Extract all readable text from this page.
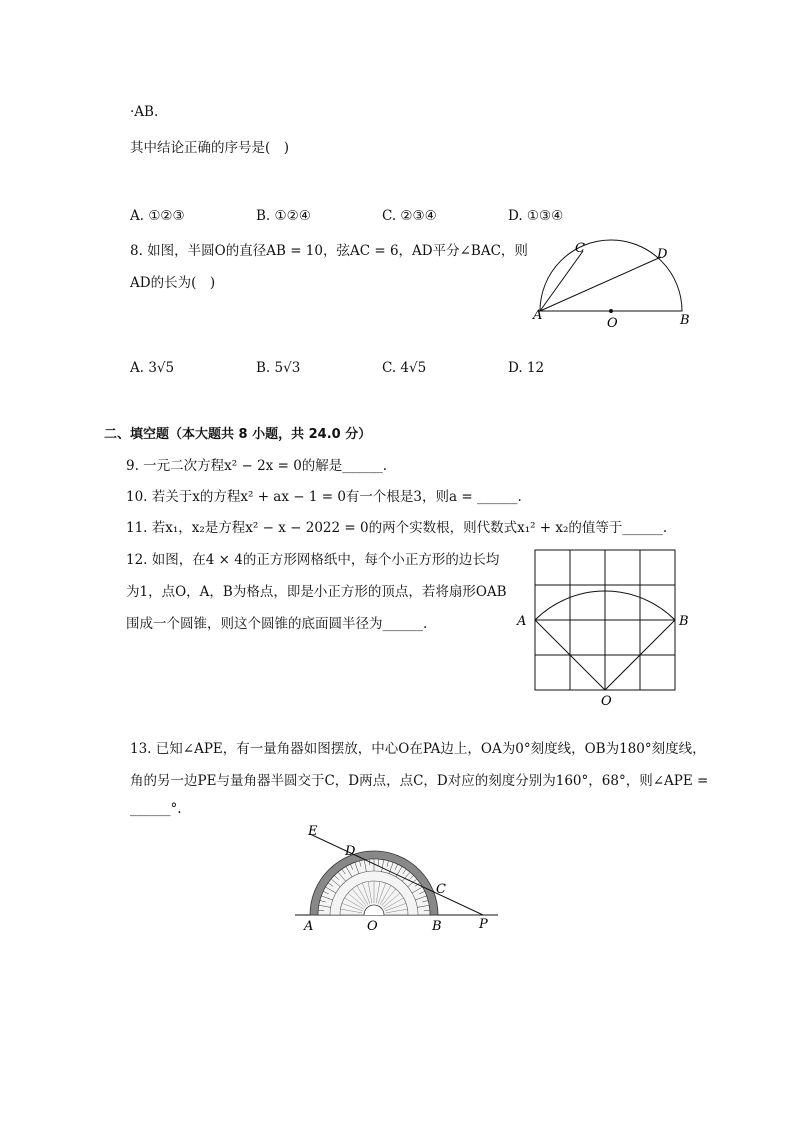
·AB.
其中结论正确的序号是(　)
A. ①②③	B. ①②④	C. ②③④	D. ①③④
8. 如图，半圆O的直径AB = 10，弦AC = 6，AD平分∠BAC，则
AD的长为(　)
A
O	B
C	D
A. 3√5	B. 5√3	C. 4√5	D. 12
二、填空题（本大题共 8 小题，共 24.0 分）
9. 一元二次方程x² − 2x = 0的解是______.
10. 若关于x的方程x² + ax − 1 = 0有一个根是3，则a = ______.
11. 若x₁，x₂是方程x² − x − 2022 = 0的两个实数根，则代数式x₁² + x₂的值等于______.
12. 如图，在4 × 4的正方形网格纸中，每个小正方形的边长均
为1，点O，A，B为格点，即是小正方形的顶点，若将扇形OAB
围成一个圆锥，则这个圆锥的底面圆半径为______.	A	B
O
13. 已知∠APE，有一量角器如图摆放，中心O在PA边上，OA为0°刻度线，OB为180°刻度线，
角的另一边PE与量角器半圆交于C，D两点，点C，D对应的刻度分别为160°，68°，则∠APE =
______°.
E
D
C
A	O	B	P
